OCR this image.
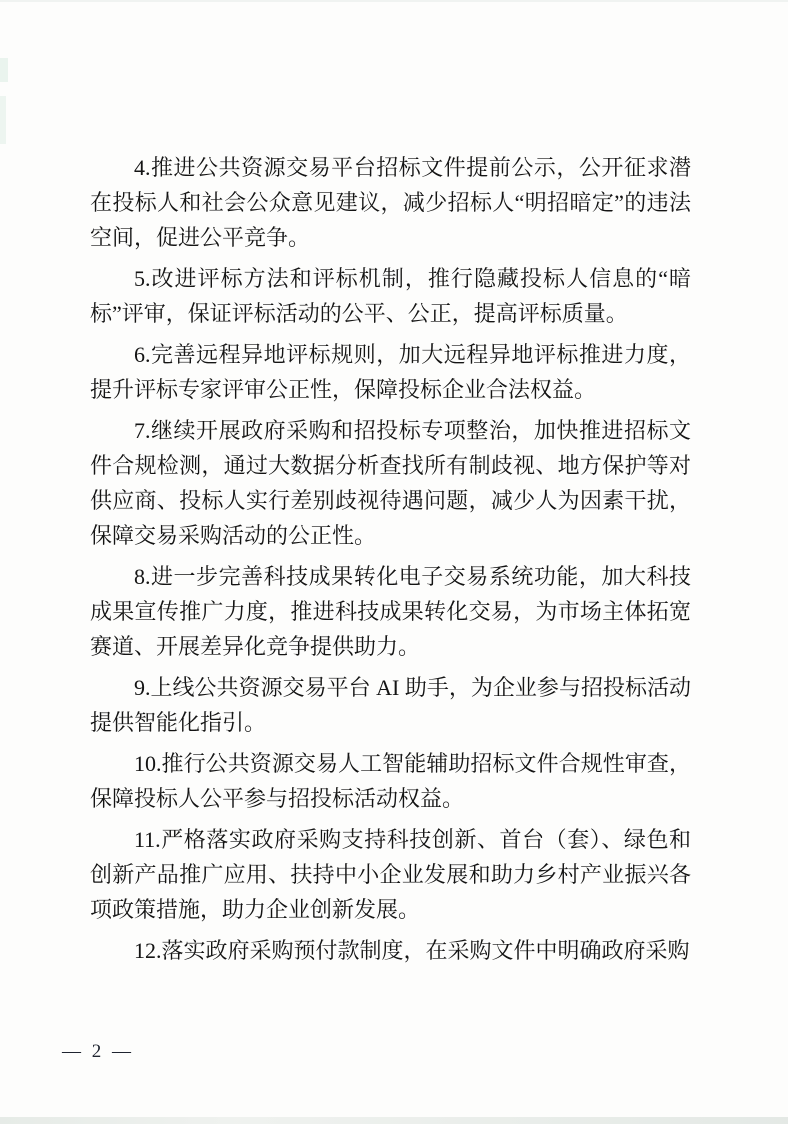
4.推进公共资源交易平台招标文件提前公示，公开征求潜在投标人和社会公众意见建议，减少招标人“明招暗定”的违法空间，促进公平竞争。

5.改进评标方法和评标机制，推行隐藏投标人信息的“暗标”评审，保证评标活动的公平、公正，提高评标质量。

6.完善远程异地评标规则，加大远程异地评标推进力度，提升评标专家评审公正性，保障投标企业合法权益。

7.继续开展政府采购和招投标专项整治，加快推进招标文件合规检测，通过大数据分析查找所有制歧视、地方保护等对供应商、投标人实行差别歧视待遇问题，减少人为因素干扰，保障交易采购活动的公正性。

8.进一步完善科技成果转化电子交易系统功能，加大科技成果宣传推广力度，推进科技成果转化交易，为市场主体拓宽赛道、开展差异化竞争提供助力。

9.上线公共资源交易平台 AI 助手，为企业参与招投标活动提供智能化指引。

10.推行公共资源交易人工智能辅助招标文件合规性审查，保障投标人公平参与招投标活动权益。

11.严格落实政府采购支持科技创新、首台（套）、绿色和创新产品推广应用、扶持中小企业发展和助力乡村产业振兴各项政策措施，助力企业创新发展。

12.落实政府采购预付款制度，在采购文件中明确政府采购

— 2 —
